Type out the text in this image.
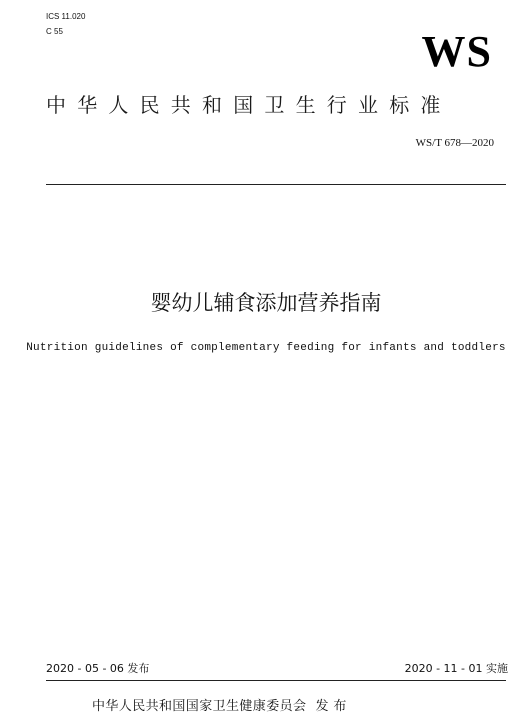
ICS 11.020

C 55	WS
中华人民共和国卫生行业标准
WS/T 678—2020
婴幼儿辅食添加营养指南

Nutrition guidelines of complementary feeding for infants and toddlers

2020 - 05 - 06 发布	2020 - 11 - 01 实施
中华人民共和国国家卫生健康委员会  发 布
